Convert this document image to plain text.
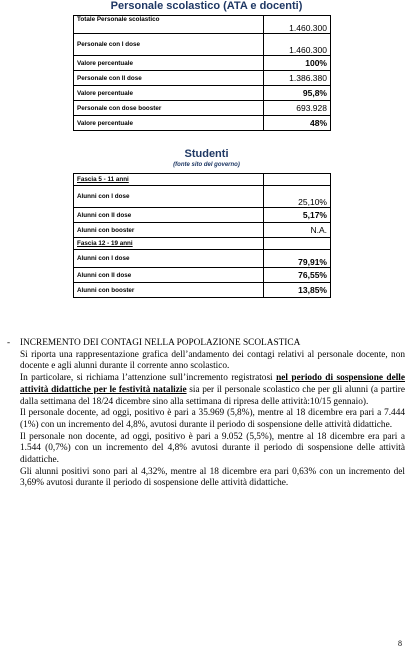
Personale scolastico (ATA e docenti)
Totale Personale scolastico	1.460.300
Personale con I dose	1.460.300
Valore percentuale	100%
Personale con II dose	1.386.380
Valore percentuale	95,8%
Personale con dose booster	693.928
Valore percentuale	48%
Studenti
(fonte sito del governo)
Fascia 5 - 11 anni	
Alunni con I dose	25,10%
Alunni con II dose	5,17%
Alunni con booster	N.A.
Fascia 12 - 19 anni	
Alunni con I dose	79,91%
Alunni con II dose	76,55%
Alunni con booster	13,85%
-	INCREMENTO DEI CONTAGI NELLA POPOLAZIONE SCOLASTICA

Si riporta una rappresentazione grafica dell’andamento dei contagi relativi al personale docente, non docente e agli alunni durante il corrente anno scolastico.

In particolare, si richiama l’attenzione sull’incremento registratosi nel periodo di sospensione delle attività didattiche per le festività natalizie sia per il personale scolastico che per gli alunni (a partire dalla settimana del 18/24 dicembre sino alla settimana di ripresa delle attività:10/15 gennaio).

Il personale docente, ad oggi, positivo è pari a 35.969 (5,8%), mentre al 18 dicembre era pari a 7.444 (1%) con un incremento del 4,8%, avutosi durante il periodo di sospensione delle attività didattiche.

Il personale non docente, ad oggi, positivo è pari a 9.052 (5,5%), mentre al 18 dicembre era pari a 1.544 (0,7%) con un incremento del 4,8% avutosi durante il periodo di sospensione delle attività didattiche.

Gli alunni positivi sono pari al 4,32%, mentre al 18 dicembre era pari 0,63% con un incremento del 3,69% avutosi durante il periodo di sospensione delle attività didattiche.

8
